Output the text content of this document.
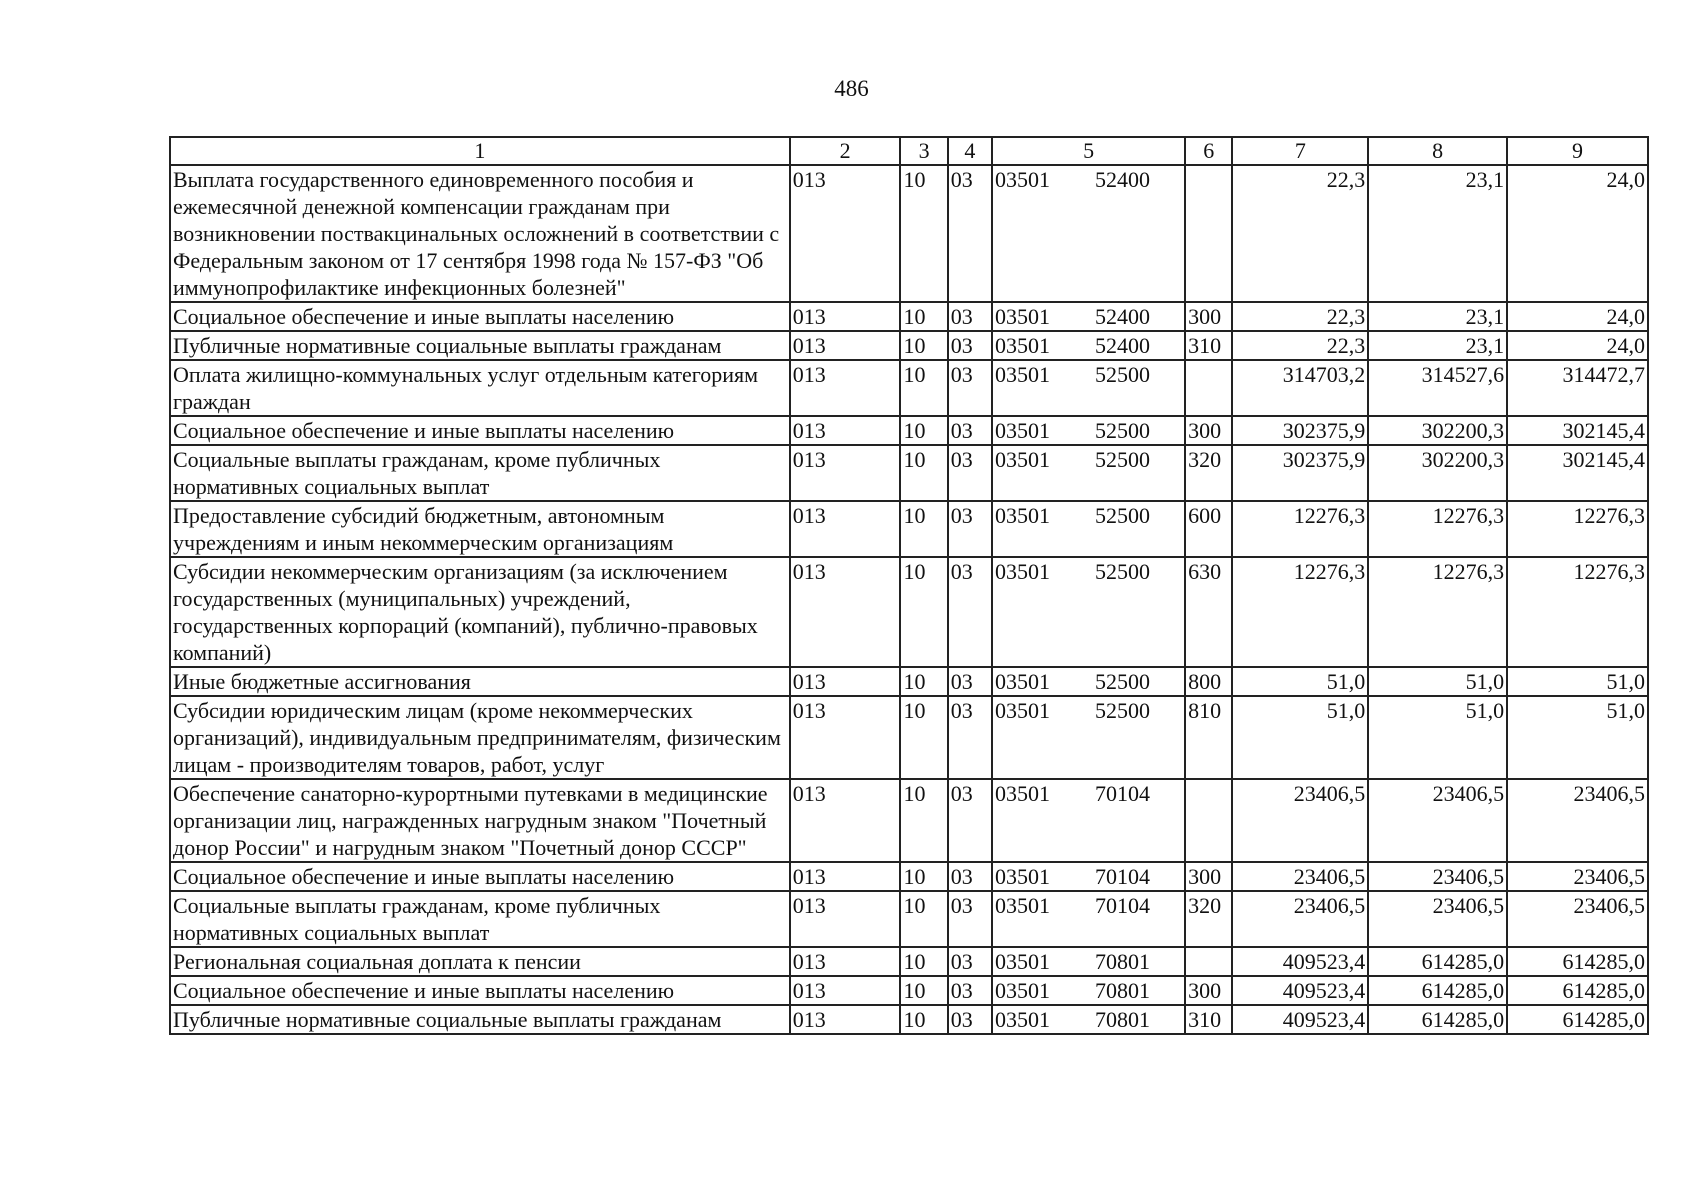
486
1	2	3	4	5	6	7	8	9
Выплата государственного единовременного пособия и ежемесячной денежной компенсации гражданам при возникновении поствакцинальных осложнений в соответствии с Федеральным законом от 17 сентября 1998 года № 157-ФЗ "Об иммунопрофилактике инфекционных болезней"	013	10	03	03501 52400		22,3	23,1	24,0
Социальное обеспечение и иные выплаты населению	013	10	03	03501 52400	300	22,3	23,1	24,0
Публичные нормативные социальные выплаты гражданам	013	10	03	03501 52400	310	22,3	23,1	24,0
Оплата жилищно-коммунальных услуг отдельным категориям граждан	013	10	03	03501 52500		314703,2	314527,6	314472,7
Социальное обеспечение и иные выплаты населению	013	10	03	03501 52500	300	302375,9	302200,3	302145,4
Социальные выплаты гражданам, кроме публичных нормативных социальных выплат	013	10	03	03501 52500	320	302375,9	302200,3	302145,4
Предоставление субсидий бюджетным, автономным учреждениям и иным некоммерческим организациям	013	10	03	03501 52500	600	12276,3	12276,3	12276,3
Субсидии некоммерческим организациям (за исключением государственных (муниципальных) учреждений, государственных корпораций (компаний), публично-правовых компаний)	013	10	03	03501 52500	630	12276,3	12276,3	12276,3
Иные бюджетные ассигнования	013	10	03	03501 52500	800	51,0	51,0	51,0
Субсидии юридическим лицам (кроме некоммерческих организаций), индивидуальным предпринимателям, физическим лицам - производителям товаров, работ, услуг	013	10	03	03501 52500	810	51,0	51,0	51,0
Обеспечение санаторно-курортными путевками в медицинские организации лиц, награжденных нагрудным знаком "Почетный донор России" и нагрудным знаком "Почетный донор СССР"	013	10	03	03501 70104		23406,5	23406,5	23406,5
Социальное обеспечение и иные выплаты населению	013	10	03	03501 70104	300	23406,5	23406,5	23406,5
Социальные выплаты гражданам, кроме публичных нормативных социальных выплат	013	10	03	03501 70104	320	23406,5	23406,5	23406,5
Региональная социальная доплата к пенсии	013	10	03	03501 70801		409523,4	614285,0	614285,0
Социальное обеспечение и иные выплаты населению	013	10	03	03501 70801	300	409523,4	614285,0	614285,0
Публичные нормативные социальные выплаты гражданам	013	10	03	03501 70801	310	409523,4	614285,0	614285,0
